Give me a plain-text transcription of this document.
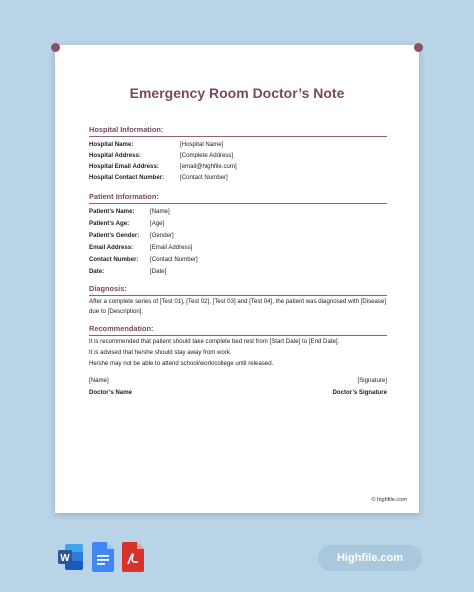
Emergency Room Doctor’s Note
Hospital Information:
Hospital Name:	[Hospital Name]
Hospital Address:	[Complete Address]
Hospital Email Address:	[email@highfile.com]
Hospital Contact Number:	[Contact Number]
Patient Information:
Patient’s Name:	[Name]
Patient’s Age:	[Age]
Patient’s Gender: [Gender]
Email Address:	[Email Address]
Contact Number: [Contact Number]
Date:	[Date]
Diagnosis:
After a complete series of [Test 01], [Test 02], [Test 03] and [Test 04], the patient was diagnosed with [Disease] due to [Description].
Recommendation:
It is recommended that patient should take complete bed rest from [Start Date] to [End Date].
It is advised that he/she should stay away from work.
He/she may not be able to attend school/work/college until released.
[Name]	[Signature]
Doctor’s Name	Doctor’s Signature
© highfile.com
W	Highfile.com
